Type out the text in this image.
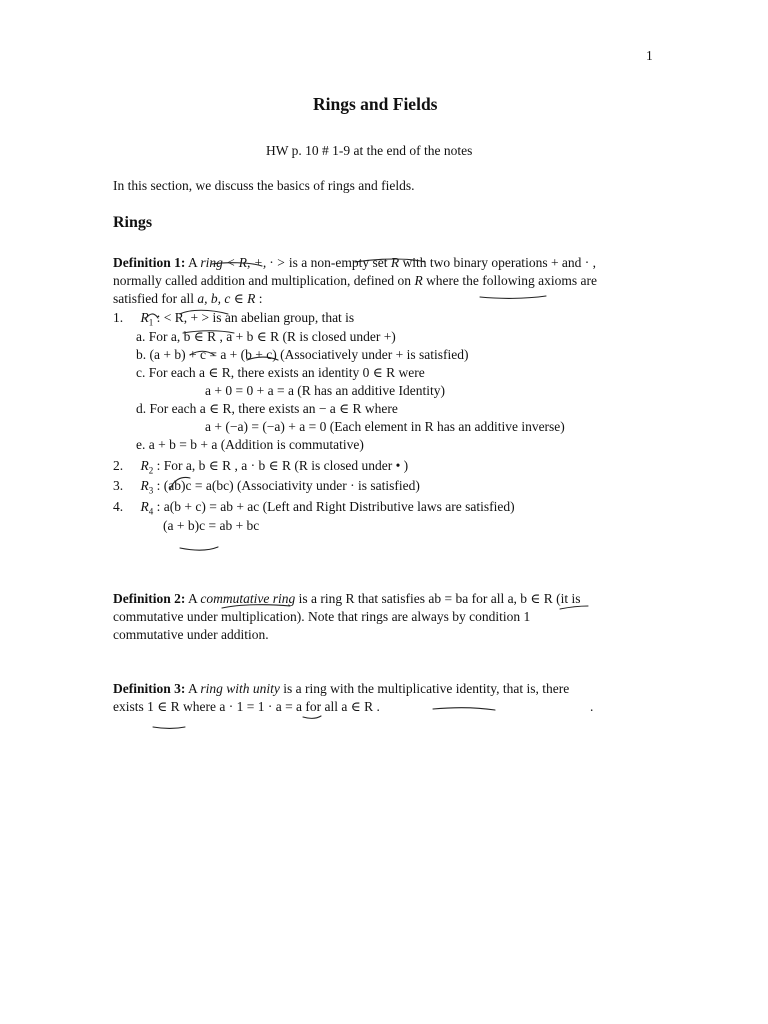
1
Rings and Fields
HW p. 10 # 1-9 at the end of the notes
In this section, we discuss the basics of rings and fields.
Rings
Definition 1: A ring < R, +, · > is a non-empty set R with two binary operations + and · ,
normally called addition and multiplication, defined on R where the following axioms are
satisfied for all a, b, c ∈ R :
1. $R_1$ : < R, + > is an abelian group, that is
a. For a, b ∈ R , a + b ∈ R (R is closed under +)
b. (a + b) + c = a + (b + c) (Associatively under + is satisfied)
c. For each a ∈ R, there exists an identity 0 ∈ R were
a + 0 = 0 + a = a (R has an additive Identity)
d. For each a ∈ R, there exists an − a ∈ R where
a + (−a) = (−a) + a = 0 (Each element in R has an additive inverse)
e. a + b = b + a (Addition is commutative)
2. $R_2$ : For a, b ∈ R , a · b ∈ R (R is closed under • )
3. $R_3$ : (ab)c = a(bc) (Associativity under · is satisfied)
4. $R_4$ : a(b + c) = ab + ac (Left and Right Distributive laws are satisfied)
(a + b)c = ab + bc
Definition 2: A commutative ring is a ring R that satisfies ab = ba for all a, b ∈ R (it is
commutative under multiplication). Note that rings are always by condition 1
commutative under addition.
Definition 3: A ring with unity is a ring with the multiplicative identity, that is, there
exists 1 ∈ R where a · 1 = 1 · a = a for all a ∈ R .	.
